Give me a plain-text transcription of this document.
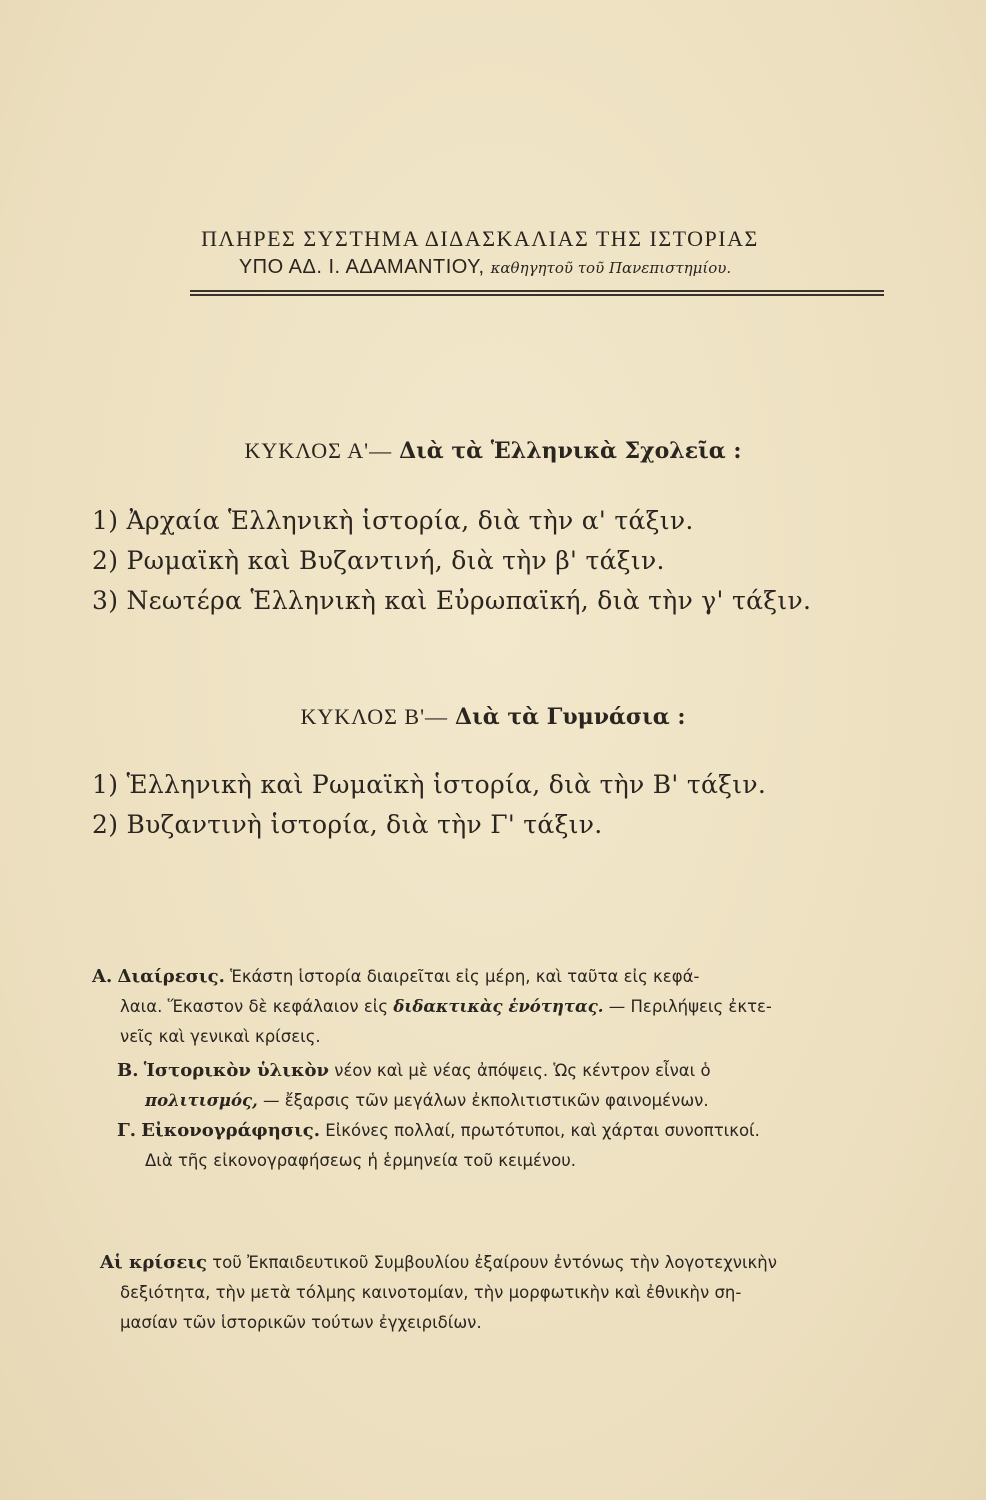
ΠΛΗΡΕΣ ΣΥΣΤΗΜΑ ΔΙΔΑΣΚΑΛΙΑΣ ΤΗΣ ΙΣΤΟΡΙΑΣ
ΥΠΟ ΑΔ. Ι. ΑΔΑΜΑΝΤΙΟΥ, καθηγητοῦ τοῦ Πανεπιστημίου.
ΚΥΚΛΟΣ Α'— Διὰ τὰ Ἑλληνικὰ Σχολεῖα :
1) Ἀρχαία Ἑλληνικὴ ἱστορία, διὰ τὴν α' τάξιν.
2) Ρωμαϊκὴ καὶ Βυζαντινή, διὰ τὴν β' τάξιν.
3) Νεωτέρα Ἑλληνικὴ καὶ Εὐρωπαϊκή, διὰ τὴν γ' τάξιν.
ΚΥΚΛΟΣ Β'— Διὰ τὰ Γυμνάσια :
1) Ἑλληνικὴ καὶ Ρωμαϊκὴ ἱστορία, διὰ τὴν Β' τάξιν.
2) Βυζαντινὴ ἱστορία, διὰ τὴν Γ' τάξιν.
Α. Διαίρεσις. Ἑκάστη ἱστορία διαιρεῖται εἰς μέρη, καὶ ταῦτα εἰς κεφά-
λαια. Ἕκαστον δὲ κεφάλαιον εἰς διδακτικὰς ἑνότητας. — Περιλήψεις ἐκτε-
νεῖς καὶ γενικαὶ κρίσεις.
Β. Ἱστορικὸν ὑλικὸν νέον καὶ μὲ νέας ἀπόψεις. Ὡς κέντρον εἶναι ὁ
πολιτισμός, — ἔξαρσις τῶν μεγάλων ἐκπολιτιστικῶν φαινομένων.
Γ. Εἰκονογράφησις. Εἰκόνες πολλαί, πρωτότυποι, καὶ χάρται συνοπτικοί.
Διὰ τῆς εἰκονογραφήσεως ἡ ἑρμηνεία τοῦ κειμένου.
Αἱ κρίσεις τοῦ Ἐκπαιδευτικοῦ Συμβουλίου ἐξαίρουν ἐντόνως τὴν λογοτεχνικὴν
δεξιότητα, τὴν μετὰ τόλμης καινοτομίαν, τὴν μορφωτικὴν καὶ ἐθνικὴν ση-
μασίαν τῶν ἱστορικῶν τούτων ἐγχειριδίων.
